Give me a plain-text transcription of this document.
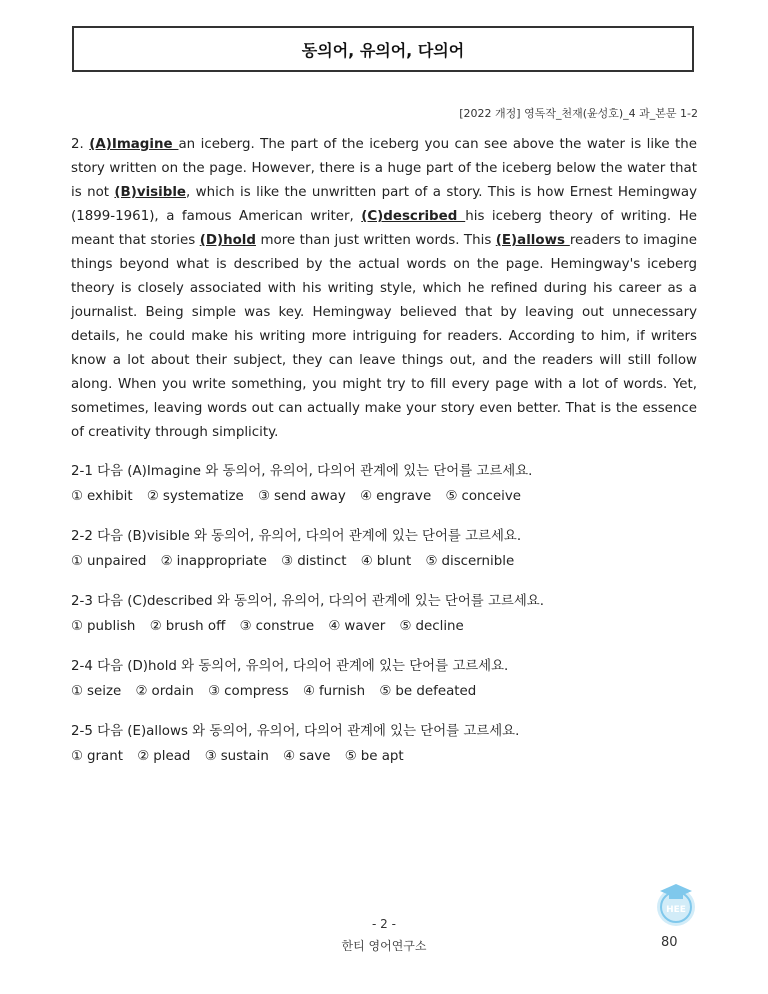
동의어, 유의어, 다의어
[2022 개정] 영독작_천재(윤성호)_4 과_본문 1-2
2. (A)Imagine an iceberg. The part of the iceberg you can see above the water is like the story written on the page. However, there is a huge part of the iceberg below the water that is not (B)visible, which is like the unwritten part of a story. This is how Ernest Hemingway (1899-1961), a famous American writer, (C)described his iceberg theory of writing. He meant that stories (D)hold more than just written words. This (E)allows readers to imagine things beyond what is described by the actual words on the page. Hemingway's iceberg theory is closely associated with his writing style, which he refined during his career as a journalist. Being simple was key. Hemingway believed that by leaving out unnecessary details, he could make his writing more intriguing for readers. According to him, if writers know a lot about their subject, they can leave things out, and the readers will still follow along. When you write something, you might try to fill every page with a lot of words. Yet, sometimes, leaving words out can actually make your story even better. That is the essence of creativity through simplicity.
2-1 다음 (A)Imagine 와 동의어, 유의어, 다의어 관계에 있는 단어를 고르세요.
① exhibit ② systematize ③ send away ④ engrave ⑤ conceive
2-2 다음 (B)visible 와 동의어, 유의어, 다의어 관계에 있는 단어를 고르세요.
① unpaired ② inappropriate ③ distinct ④ blunt ⑤ discernible
2-3 다음 (C)described 와 동의어, 유의어, 다의어 관계에 있는 단어를 고르세요.
① publish ② brush off ③ construe ④ waver ⑤ decline
2-4 다음 (D)hold 와 동의어, 유의어, 다의어 관계에 있는 단어를 고르세요.
① seize ② ordain ③ compress ④ furnish ⑤ be defeated
2-5 다음 (E)allows 와 동의어, 유의어, 다의어 관계에 있는 단어를 고르세요.
① grant ② plead ③ sustain ④ save ⑤ be apt
- 2 -
한티 영어연구소
HEE
80
